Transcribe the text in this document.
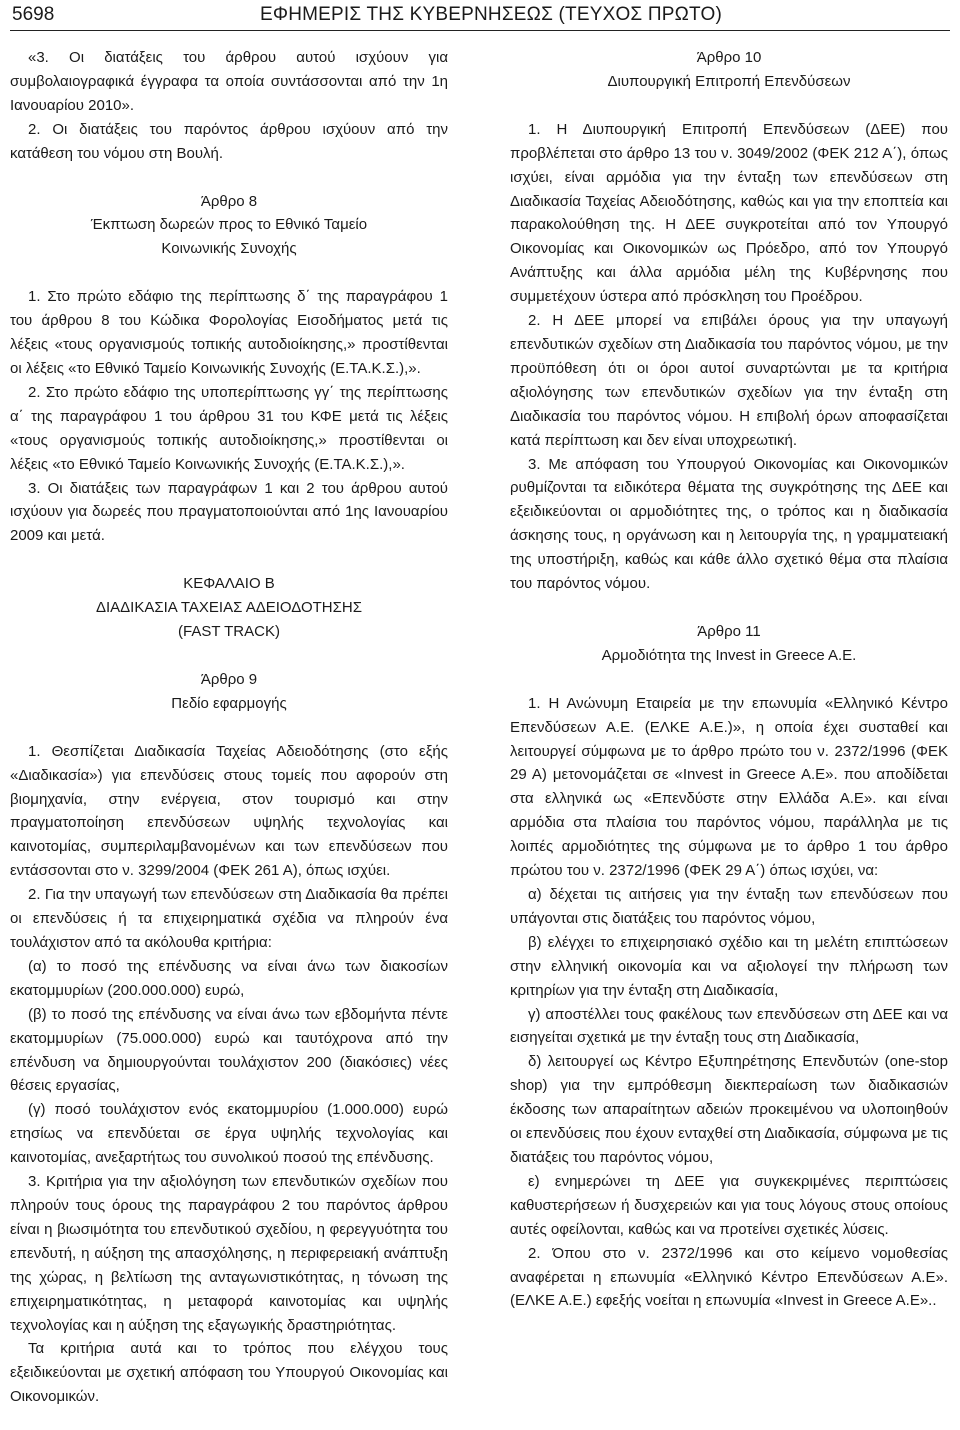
5698	ΕΦΗΜΕΡΙΣ ΤΗΣ ΚΥΒΕΡΝΗΣΕΩΣ (ΤΕΥΧΟΣ ΠΡΩΤΟ)

«3. Οι διατάξεις του άρθρου αυτού ισχύουν για συμβολαιογραφικά έγγραφα τα οποία συντάσσονται από την 1η Ιανουαρίου 2010».

2. Οι διατάξεις του παρόντος άρθρου ισχύουν από την κατάθεση του νόμου στη Βουλή.

Άρθρο 8

Έκπτωση δωρεών προς το Εθνικό Ταμείο

Κοινωνικής Συνοχής

1. Στο πρώτο εδάφιο της περίπτωσης δ΄ της παραγράφου 1 του άρθρου 8 του Κώδικα Φορολογίας Εισοδήματος μετά τις λέξεις «τους οργανισμούς τοπικής αυτοδιοίκησης,» προστίθενται οι λέξεις «το Εθνικό Ταμείο Κοινωνικής Συνοχής (Ε.ΤΑ.Κ.Σ.),».

2. Στο πρώτο εδάφιο της υποπερίπτωσης γγ΄ της περίπτωσης α΄ της παραγράφου 1 του άρθρου 31 του ΚΦΕ μετά τις λέξεις «τους οργανισμούς τοπικής αυτοδιοίκησης,» προστίθενται οι λέξεις «το Εθνικό Ταμείο Κοινωνικής Συνοχής (Ε.ΤΑ.Κ.Σ.),».

3. Οι διατάξεις των παραγράφων 1 και 2 του άρθρου αυτού ισχύουν για δωρεές που πραγματοποιούνται από 1ης Ιανουαρίου 2009 και μετά.

ΚΕΦΑΛΑΙΟ Β

ΔΙΑΔΙΚΑΣΙΑ ΤΑΧΕΙΑΣ ΑΔΕΙΟΔΟΤΗΣΗΣ

(FAST TRACK)

Άρθρο 9

Πεδίο εφαρμογής

1. Θεσπίζεται Διαδικασία Ταχείας Αδειοδότησης (στο εξής «Διαδικασία») για επενδύσεις στους τομείς που αφορούν στη βιομηχανία, στην ενέργεια, στον τουρισμό και στην πραγματοποίηση επενδύσεων υψηλής τεχνολογίας και καινοτομίας, συμπεριλαμβανομένων και των επενδύσεων που εντάσσονται στο ν. 3299/2004 (ΦΕΚ 261 Α), όπως ισχύει.

2. Για την υπαγωγή των επενδύσεων στη Διαδικασία θα πρέπει οι επενδύσεις ή τα επιχειρηματικά σχέδια να πληρούν ένα τουλάχιστον από τα ακόλουθα κριτήρια:

(α) το ποσό της επένδυσης να είναι άνω των διακοσίων εκατομμυρίων (200.000.000) ευρώ,

(β) το ποσό της επένδυσης να είναι άνω των εβδομήντα πέντε εκατομμυρίων (75.000.000) ευρώ και ταυτόχρονα από την επένδυση να δημιουργούνται τουλάχιστον 200 (διακόσιες) νέες θέσεις εργασίας,

(γ) ποσό τουλάχιστον ενός εκατομμυρίου (1.000.000) ευρώ ετησίως να επενδύεται σε έργα υψηλής τεχνολογίας και καινοτομίας, ανεξαρτήτως του συνολικού ποσού της επένδυσης.

3. Κριτήρια για την αξιολόγηση των επενδυτικών σχεδίων που πληρούν τους όρους της παραγράφου 2 του παρόντος άρθρου είναι η βιωσιμότητα του επενδυτικού σχεδίου, η φερεγγυότητα του επενδυτή, η αύξηση της απασχόλησης, η περιφερειακή ανάπτυξη της χώρας, η βελτίωση της ανταγωνιστικότητας, η τόνωση της επιχειρηματικότητας, η μεταφορά καινοτομίας και υψηλής τεχνολογίας και η αύξηση της εξαγωγικής δραστηριότητας.

Τα κριτήρια αυτά και το τρόπος που ελέγχου τους εξειδικεύονται με σχετική απόφαση του Υπουργού Οικονομίας και Οικονομικών.

Άρθρο 10

Διυπουργική Επιτροπή Επενδύσεων

1. Η Διυπουργική Επιτροπή Επενδύσεων (ΔΕΕ) που προβλέπεται στο άρθρο 13 του ν. 3049/2002 (ΦΕΚ 212 Α΄), όπως ισχύει, είναι αρμόδια για την ένταξη των επενδύσεων στη Διαδικασία Ταχείας Αδειοδότησης, καθώς και για την εποπτεία και παρακολούθηση της. Η ΔΕΕ συγκροτείται από τον Υπουργό Οικονομίας και Οικονομικών ως Πρόεδρο, από τον Υπουργό Ανάπτυξης και άλλα αρμόδια μέλη της Κυβέρνησης που συμμετέχουν ύστερα από πρόσκληση του Προέδρου.

2. Η ΔΕΕ μπορεί να επιβάλει όρους για την υπαγωγή επενδυτικών σχεδίων στη Διαδικασία του παρόντος νόμου, με την προϋπόθεση ότι οι όροι αυτοί συναρτώνται με τα κριτήρια αξιολόγησης των επενδυτικών σχεδίων για την ένταξη στη Διαδικασία του παρόντος νόμου. Η επιβολή όρων αποφασίζεται κατά περίπτωση και δεν είναι υποχρεωτική.

3. Με απόφαση του Υπουργού Οικονομίας και Οικονομικών ρυθμίζονται τα ειδικότερα θέματα της συγκρότησης της ΔΕΕ και εξειδικεύονται οι αρμοδιότητες της, ο τρόπος και η διαδικασία άσκησης τους, η οργάνωση και η λειτουργία της, η γραμματειακή της υποστήριξη, καθώς και κάθε άλλο σχετικό θέμα στα πλαίσια του παρόντος νόμου.

Άρθρο 11

Αρμοδιότητα της Invest in Greece A.E.

1. Η Ανώνυμη Εταιρεία με την επωνυμία «Ελληνικό Κέντρο Επενδύσεων Α.Ε. (ΕΛΚΕ Α.Ε.)», η οποία έχει συσταθεί και λειτουργεί σύμφωνα με το άρθρο πρώτο του ν. 2372/1996 (ΦΕΚ 29 Α) μετονομάζεται σε «Invest in Greece A.E». που αποδίδεται στα ελληνικά ως «Επενδύστε στην Ελλάδα Α.Ε». και είναι αρμόδια στα πλαίσια του παρόντος νόμου, παράλληλα με τις λοιπές αρμοδιότητες της σύμφωνα με το άρθρο 1 του άρθρο πρώτου του ν. 2372/1996 (ΦΕΚ 29 Α΄) όπως ισχύει, να:

α) δέχεται τις αιτήσεις για την ένταξη των επενδύσεων που υπάγονται στις διατάξεις του παρόντος νόμου,

β) ελέγχει το επιχειρησιακό σχέδιο και τη μελέτη επιπτώσεων στην ελληνική οικονομία και να αξιολογεί την πλήρωση των κριτηρίων για την ένταξη στη Διαδικασία,

γ) αποστέλλει τους φακέλους των επενδύσεων στη ΔΕΕ και να εισηγείται σχετικά με την ένταξη τους στη Διαδικασία,

δ) λειτουργεί ως Κέντρο Εξυπηρέτησης Επενδυτών (one-stop shop) για την εμπρόθεσμη διεκπεραίωση των διαδικασιών έκδοσης των απαραίτητων αδειών προκειμένου να υλοποιηθούν οι επενδύσεις που έχουν ενταχθεί στη Διαδικασία, σύμφωνα με τις διατάξεις του παρόντος νόμου,

ε) ενημερώνει τη ΔΕΕ για συγκεκριμένες περιπτώσεις καθυστερήσεων ή δυσχερειών και για τους λόγους στους οποίους αυτές οφείλονται, καθώς και να προτείνει σχετικές λύσεις.

2. Όπου στο ν. 2372/1996 και στο κείμενο νομοθεσίας αναφέρεται η επωνυμία «Ελληνικό Κέντρο Επενδύσεων Α.Ε». (ΕΛΚΕ Α.Ε.) εφεξής νοείται η επωνυμία «Invest in Greece A.E»..
